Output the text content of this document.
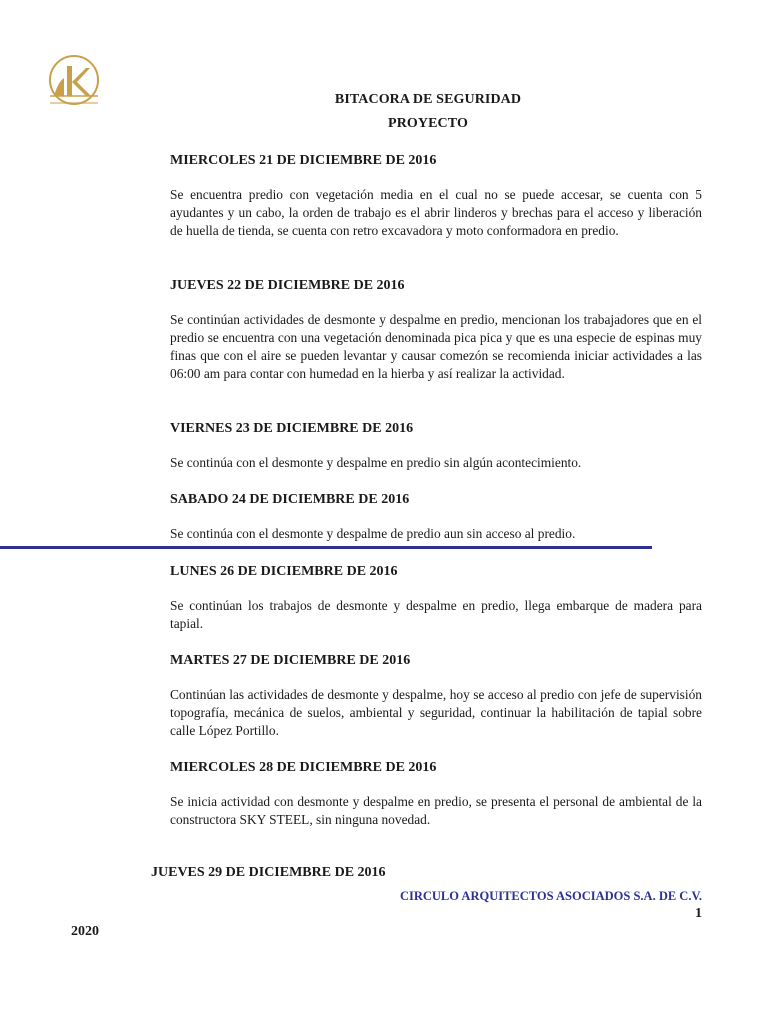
BITACORA DE SEGURIDAD
PROYECTO
MIERCOLES 21 DE DICIEMBRE DE 2016

Se encuentra predio con vegetación media en el cual no se puede accesar, se cuenta con 5 ayudantes y un cabo, la orden de trabajo es el abrir linderos y brechas para el acceso y liberación de huella de tienda, se cuenta con retro excavadora y moto conformadora en predio.

JUEVES 22 DE DICIEMBRE DE 2016

Se continúan actividades de desmonte y despalme en predio, mencionan los trabajadores que en el predio se encuentra con una vegetación denominada pica pica y que es una especie de espinas muy finas que con el aire se pueden levantar y causar comezón se recomienda iniciar actividades a las 06:00 am para contar con humedad en la hierba y así realizar la actividad.

VIERNES 23 DE DICIEMBRE DE 2016

Se continúa con el desmonte y despalme en predio sin algún acontecimiento.

SABADO 24 DE DICIEMBRE DE 2016

Se continúa con el desmonte y despalme de predio aun sin acceso al predio.

LUNES 26 DE DICIEMBRE DE 2016

Se continúan los trabajos de desmonte y despalme en predio, llega embarque de madera para tapial.

MARTES 27 DE DICIEMBRE DE 2016

Continúan las actividades de desmonte y despalme, hoy se acceso al predio con jefe de supervisión topografía, mecánica de suelos, ambiental y seguridad, continuar la habilitación de tapial sobre calle López Portillo.

MIERCOLES 28 DE DICIEMBRE DE 2016

Se inicia actividad con desmonte y despalme en predio, se presenta el personal de ambiental de la constructora SKY STEEL, sin ninguna novedad.

JUEVES 29 DE DICIEMBRE DE 2016
CIRCULO ARQUITECTOS ASOCIADOS S.A. DE C.V.
1
2020
